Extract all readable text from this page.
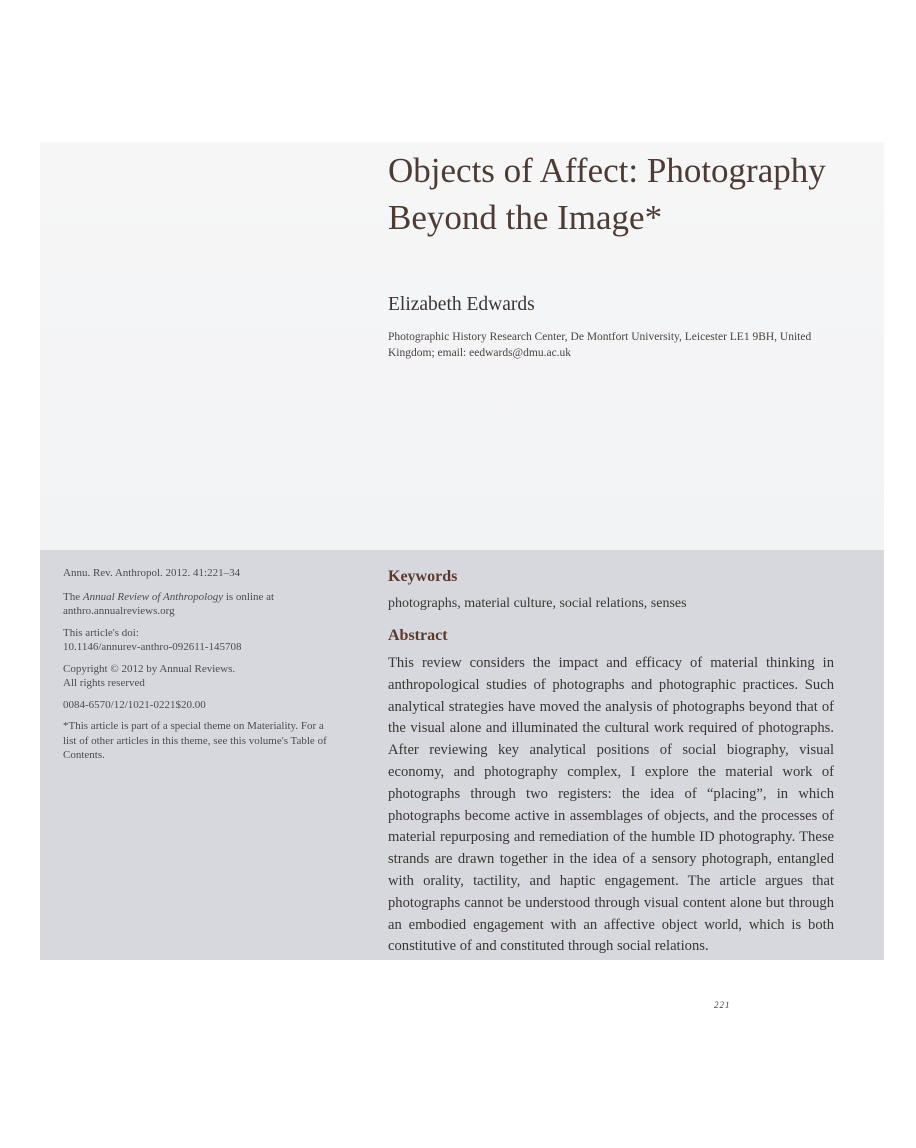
Objects of Affect: Photography Beyond the Image*

Elizabeth Edwards

Photographic History Research Center, De Montfort University, Leicester LE1 9BH, United Kingdom; email: eedwards@dmu.ac.uk

Annu. Rev. Anthropol. 2012. 41:221–34

The Annual Review of Anthropology is online at anthro.annualreviews.org

This article's doi:
10.1146/annurev-anthro-092611-145708

Copyright © 2012 by Annual Reviews.
All rights reserved

0084-6570/12/1021-0221$20.00

*This article is part of a special theme on Materiality. For a list of other articles in this theme, see this volume's Table of Contents.

Keywords

photographs, material culture, social relations, senses

Abstract

This review considers the impact and efficacy of material thinking in anthropological studies of photographs and photographic practices. Such analytical strategies have moved the analysis of photographs beyond that of the visual alone and illuminated the cultural work required of photographs. After reviewing key analytical positions of social biography, visual economy, and photography complex, I explore the material work of photographs through two registers: the idea of “placing”, in which photographs become active in assemblages of objects, and the processes of material repurposing and remediation of the humble ID photography. These strands are drawn together in the idea of a sensory photograph, entangled with orality, tactility, and haptic engagement. The article argues that photographs cannot be understood through visual content alone but through an embodied engagement with an affective object world, which is both constitutive of and constituted through social relations.

221
